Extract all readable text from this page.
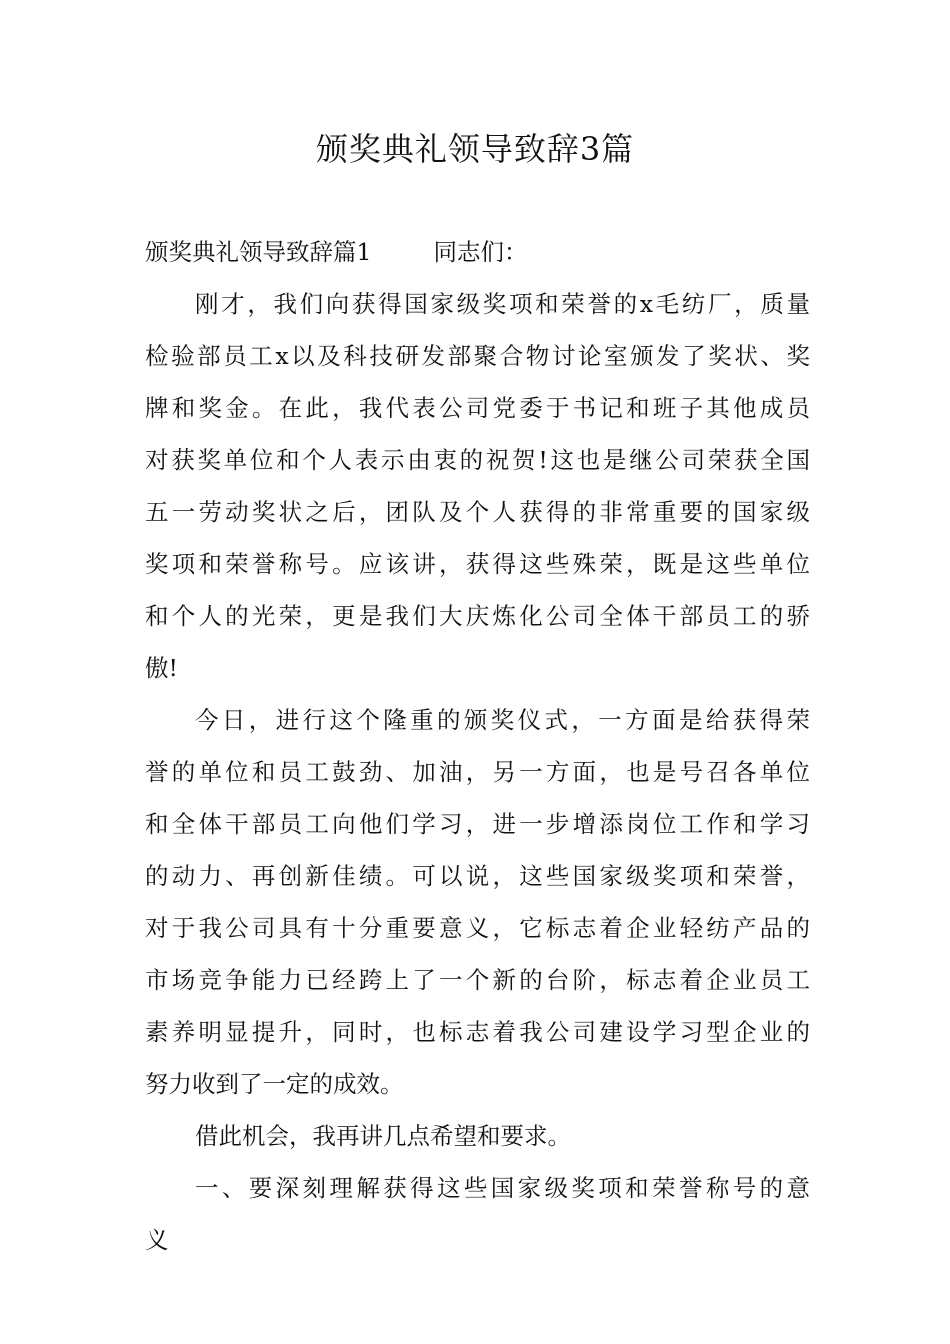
颁奖典礼领导致辞3篇
颁奖典礼领导致辞篇1	同志们：
刚才，我们向获得国家级奖项和荣誉的x毛纺厂，质量
检验部员工x以及科技研发部聚合物讨论室颁发了奖状、奖
牌和奖金。在此，我代表公司党委于书记和班子其他成员
对获奖单位和个人表示由衷的祝贺!这也是继公司荣获全国
五一劳动奖状之后，团队及个人获得的非常重要的国家级
奖项和荣誉称号。应该讲，获得这些殊荣，既是这些单位
和个人的光荣，更是我们大庆炼化公司全体干部员工的骄
傲!
今日，进行这个隆重的颁奖仪式，一方面是给获得荣
誉的单位和员工鼓劲、加油，另一方面，也是号召各单位
和全体干部员工向他们学习，进一步增添岗位工作和学习
的动力、再创新佳绩。可以说，这些国家级奖项和荣誉，
对于我公司具有十分重要意义，它标志着企业轻纺产品的
市场竞争能力已经跨上了一个新的台阶，标志着企业员工
素养明显提升，同时，也标志着我公司建设学习型企业的
努力收到了一定的成效。
借此机会，我再讲几点希望和要求。
一、要深刻理解获得这些国家级奖项和荣誉称号的意
义
